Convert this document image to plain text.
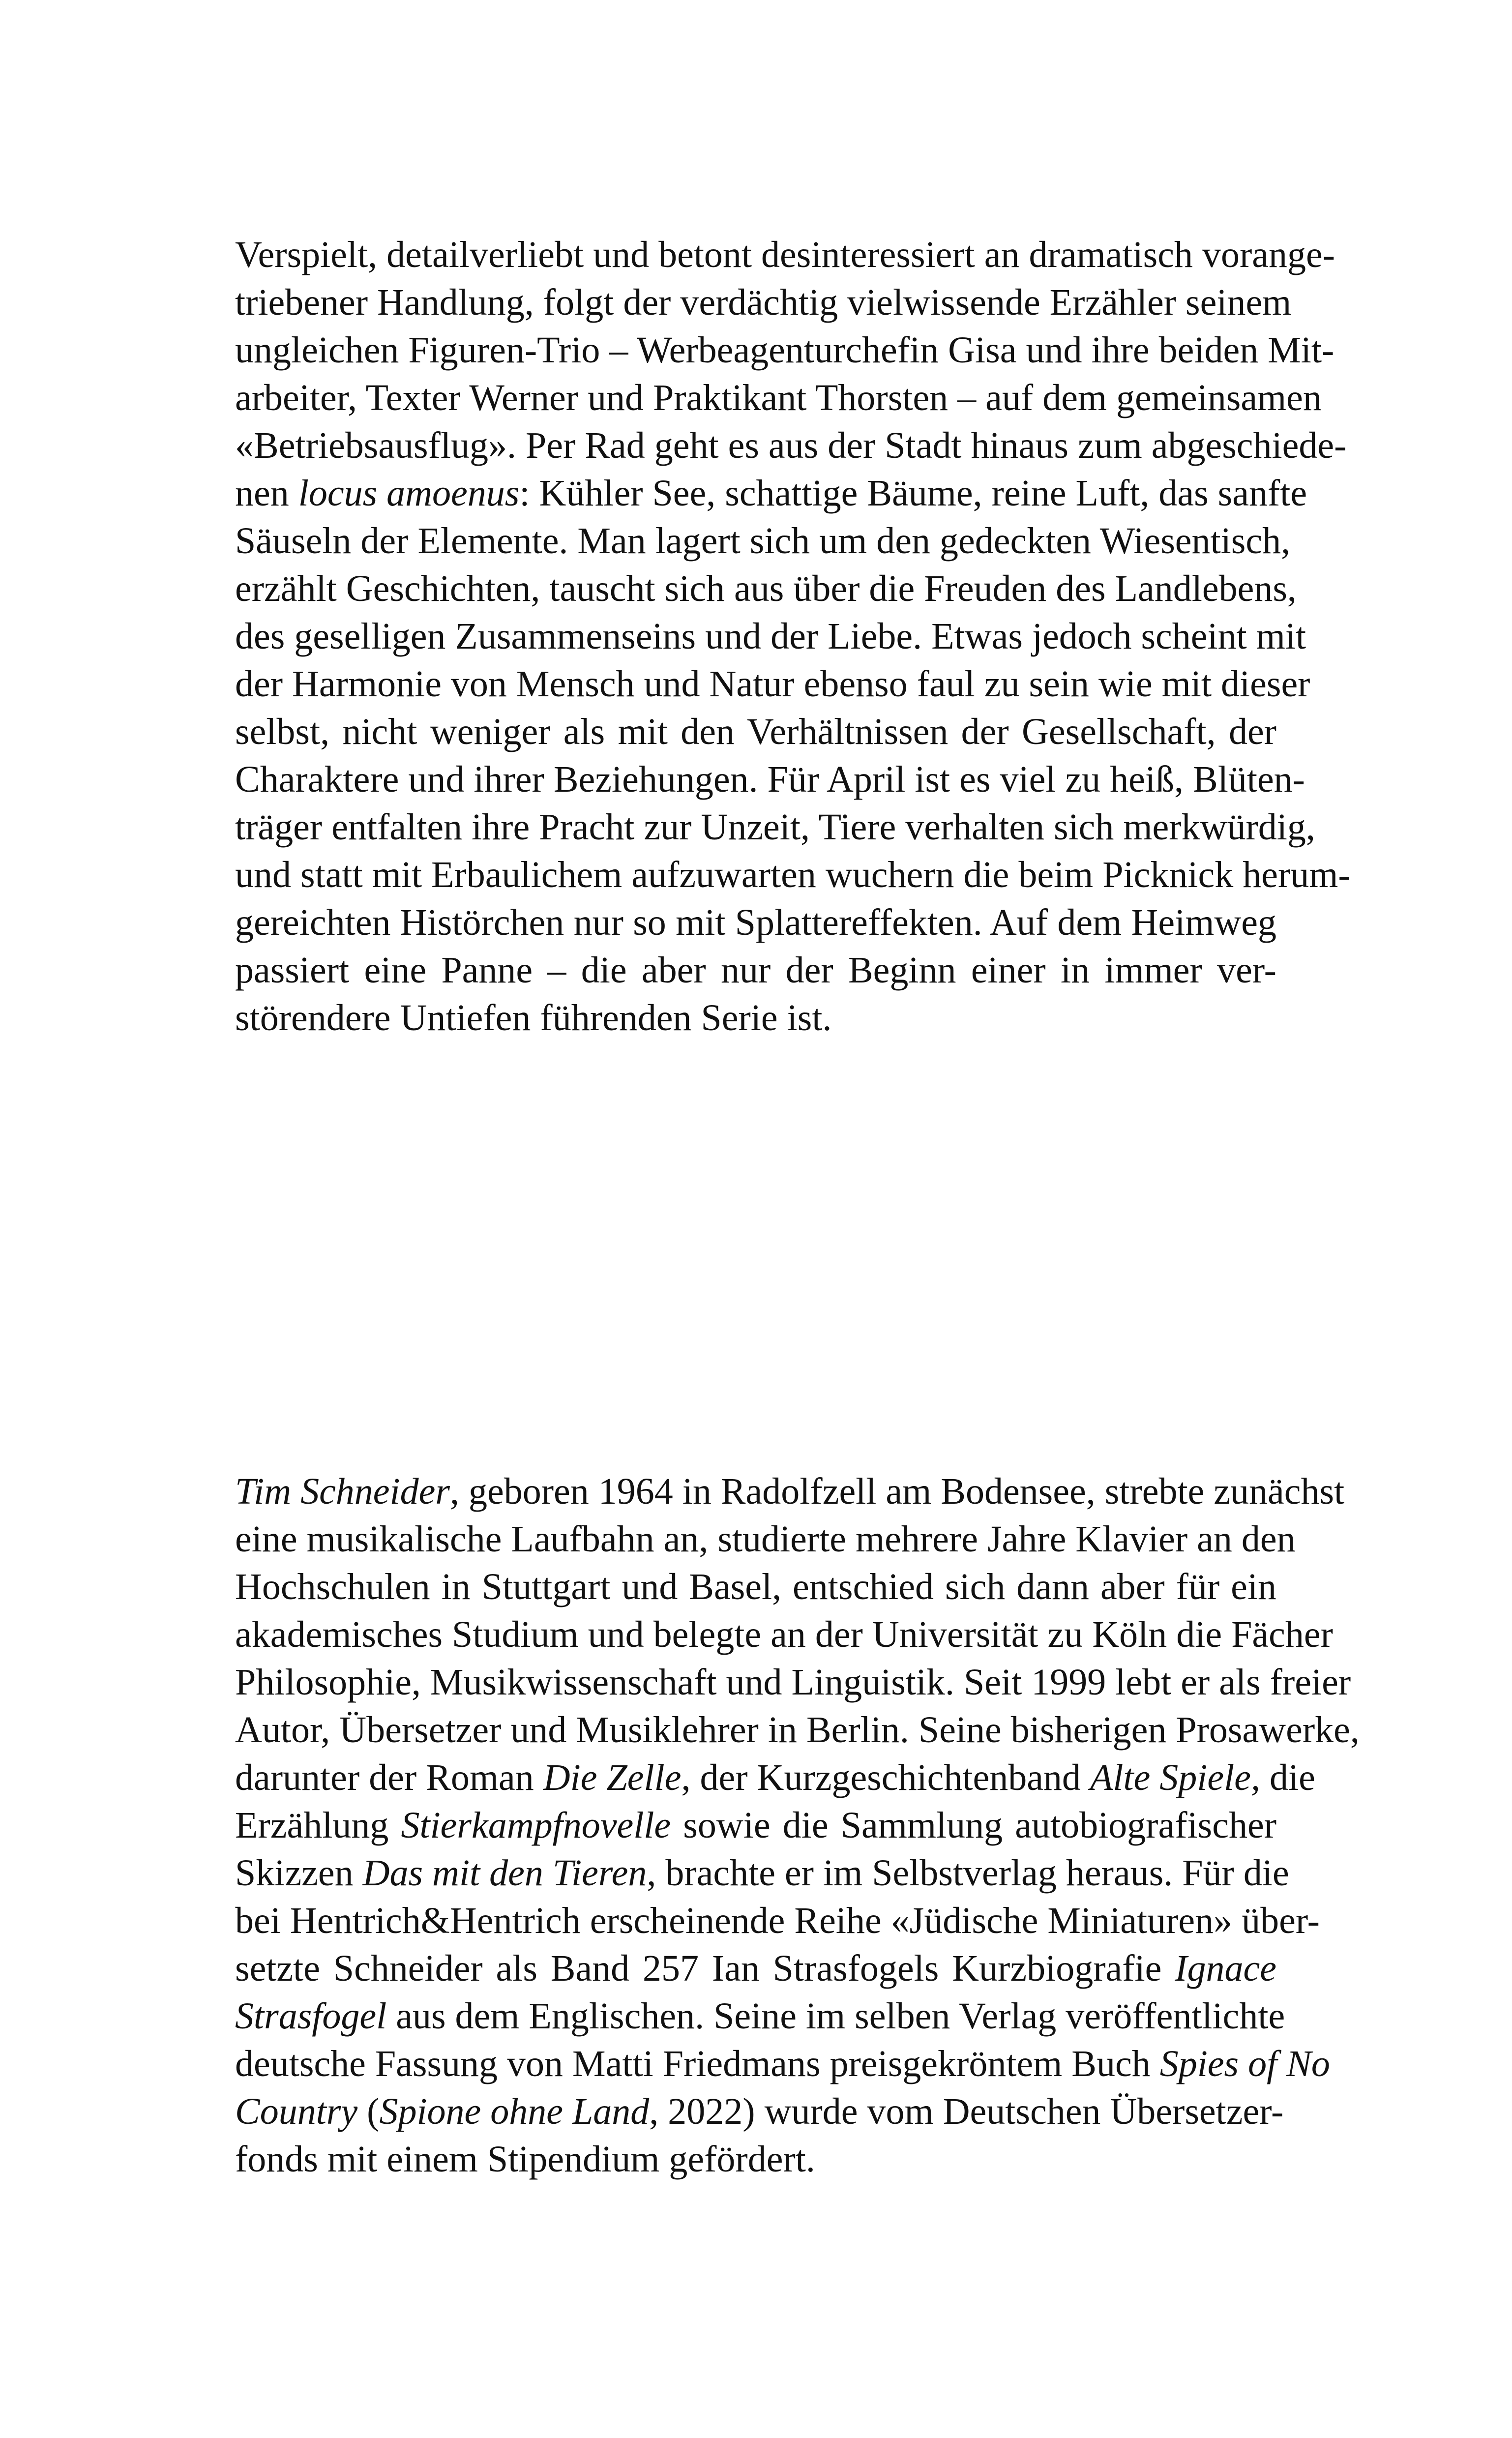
Verspielt, detailverliebt und betont desinteressiert an dramatisch vorange-
triebener Handlung, folgt der verdächtig vielwissende Erzähler seinem
ungleichen Figuren-Trio – Werbeagenturchefin Gisa und ihre beiden Mit-
arbeiter, Texter Werner und Praktikant Thorsten – auf dem gemeinsamen
«Betriebsausflug». Per Rad geht es aus der Stadt hinaus zum abgeschiede-
nen locus amoenus: Kühler See, schattige Bäume, reine Luft, das sanfte
Säuseln der Elemente. Man lagert sich um den gedeckten Wiesentisch,
erzählt Geschichten, tauscht sich aus über die Freuden des Landlebens,
des geselligen Zusammenseins und der Liebe. Etwas jedoch scheint mit
der Harmonie von Mensch und Natur ebenso faul zu sein wie mit dieser
selbst, nicht weniger als mit den Verhältnissen der Gesellschaft, der
Charaktere und ihrer Beziehungen. Für April ist es viel zu heiß, Blüten-
träger entfalten ihre Pracht zur Unzeit, Tiere verhalten sich merkwürdig,
und statt mit Erbaulichem aufzuwarten wuchern die beim Picknick herum-
gereichten Histörchen nur so mit Splattereffekten. Auf dem Heimweg
passiert eine Panne – die aber nur der Beginn einer in immer ver-
störendere Untiefen führenden Serie ist.
Tim Schneider, geboren 1964 in Radolfzell am Bodensee, strebte zunächst
eine musikalische Laufbahn an, studierte mehrere Jahre Klavier an den
Hochschulen in Stuttgart und Basel, entschied sich dann aber für ein
akademisches Studium und belegte an der Universität zu Köln die Fächer
Philosophie, Musikwissenschaft und Linguistik. Seit 1999 lebt er als freier
Autor, Übersetzer und Musiklehrer in Berlin. Seine bisherigen Prosawerke,
darunter der Roman Die Zelle, der Kurzgeschichtenband Alte Spiele, die
Erzählung Stierkampfnovelle sowie die Sammlung autobiografischer
Skizzen Das mit den Tieren, brachte er im Selbstverlag heraus. Für die
bei Hentrich&Hentrich erscheinende Reihe «Jüdische Miniaturen» über-
setzte Schneider als Band 257 Ian Strasfogels Kurzbiografie Ignace
Strasfogel aus dem Englischen. Seine im selben Verlag veröffentlichte
deutsche Fassung von Matti Friedmans preisgekröntem Buch Spies of No
Country (Spione ohne Land, 2022) wurde vom Deutschen Übersetzer-
fonds mit einem Stipendium gefördert.
